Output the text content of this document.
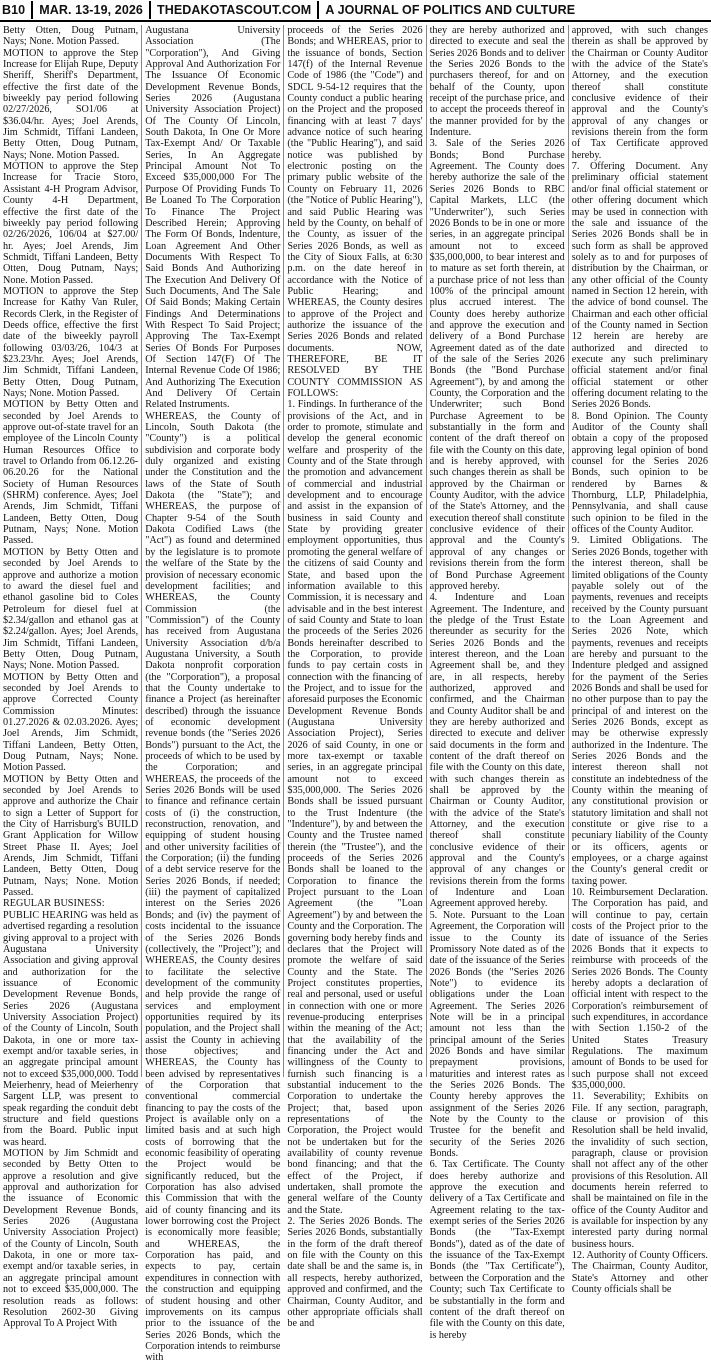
B10	MAR. 13-19, 2026	THEDAKOTASCOUT.COM	A JOURNAL OF POLITICS AND CULTURE

Betty Otten, Doug Putnam, Nays; None. Motion Passed.

MOTION to approve the Step Increase for Elijah Rupe, Deputy Sheriff, Sheriff's Department, effective the first date of the biweekly pay period following 02/27/2026, SO1/06 at $36.04/hr. Ayes; Joel Arends, Jim Schmidt, Tiffani Landeen, Betty Otten, Doug Putnam, Nays; None. Motion Passed.

MOTION to approve the Step Increase for Tracie Storo, Assistant 4-H Program Advisor, County 4-H Department, effective the first date of the biweekly pay period following 02/26/2026, 106/04 at $27.00/ hr. Ayes; Joel Arends, Jim Schmidt, Tiffani Landeen, Betty Otten, Doug Putnam, Nays; None. Motion Passed.

MOTION to approve the Step Increase for Kathy Van Ruler, Records Clerk, in the Register of Deeds office, effective the first date of the biweekly payroll following 03/03/26, 104/3 at $23.23/hr. Ayes; Joel Arends, Jim Schmidt, Tiffani Landeen, Betty Otten, Doug Putnam, Nays; None. Motion Passed.

MOTION by Betty Otten and seconded by Joel Arends to approve out-of-state travel for an employee of the Lincoln County Human Resources Office to travel to Orlando from 06.12.26-06.20.26 for the National Society of Human Resources (SHRM) conference. Ayes; Joel Arends, Jim Schmidt, Tiffani Landeen, Betty Otten, Doug Putnam, Nays; None. Motion Passed.

MOTION by Betty Otten and seconded by Joel Arends to approve and authorize a motion to award the diesel fuel and ethanol gasoline bid to Coles Petroleum for diesel fuel at $2.34/gallon and ethanol gas at $2.24/gallon. Ayes; Joel Arends, Jim Schmidt, Tiffani Landeen, Betty Otten, Doug Putnam, Nays; None. Motion Passed.

MOTION by Betty Otten and seconded by Joel Arends to approve Corrected County Commission Minutes: 01.27.2026 & 02.03.2026. Ayes; Joel Arends, Jim Schmidt, Tiffani Landeen, Betty Otten, Doug Putnam, Nays; None. Motion Passed.

MOTION by Betty Otten and seconded by Joel Arends to approve and authorize the Chair to sign a Letter of Support for the City of Harrisburg's BUILD Grant Application for Willow Street Phase II. Ayes; Joel Arends, Jim Schmidt, Tiffani Landeen, Betty Otten, Doug Putnam, Nays; None. Motion Passed.

REGULAR BUSINESS:

PUBLIC HEARING was held as advertised regarding a resolution giving approval to a project with Augustana University Association and giving approval and authorization for the issuance of Economic Development Revenue Bonds, Series 2026 (Augustana University Association Project) of the County of Lincoln, South Dakota, in one or more tax-exempt and/or taxable series, in an aggregate principal amount not to exceed $35,000,000. Todd Meierhenry, head of Meierhenry Sargent LLP, was present to speak regarding the conduit debt structure and field questions from the Board. Public input was heard.

MOTION by Jim Schmidt and seconded by Betty Otten to approve a resolution and give approval and authorization for the issuance of Economic Development Revenue Bonds, Series 2026 (Augustana University Association Project) of the County of Lincoln, South Dakota, in one or more tax-exempt and/or taxable series, in an aggregate principal amount not to exceed $35,000,000. The resolution reads as follows: Resolution 2602-30 Giving Approval To A Project With

Augustana University Association (The "Corporation"), And Giving Approval And Authorization For The Issuance Of Economic Development Revenue Bonds, Series 2026 (Augustana University Association Project) Of The County Of Lincoln, South Dakota, In One Or More Tax-Exempt And/ Or Taxable Series, In An Aggregate Principal Amount Not To Exceed $35,000,000 For The Purpose Of Providing Funds To Be Loaned To The Corporation To Finance The Project Described Herein; Approving The Form Of Bonds, Indenture, Loan Agreement And Other Documents With Respect To Said Bonds And Authorizing The Execution And Delivery Of Such Documents, And The Sale Of Said Bonds; Making Certain Findings And Determinations With Respect To Said Project; Approving The Tax-Exempt Series Of Bonds For Purposes Of Section 147(F) Of The Internal Revenue Code Of 1986; And Authorizing The Execution And Delivery Of Certain Related Instruments.

WHEREAS, the County of Lincoln, South Dakota (the "County") is a political subdivision and corporate body duly organized and existing under the Constitution and the laws of the State of South Dakota (the "State"); and WHEREAS, the purpose of Chapter 9-54 of the South Dakota Codified Laws (the "Act") as found and determined by the legislature is to promote the welfare of the State by the provision of necessary economic development facilities; and WHEREAS, the County Commission (the "Commission") of the County has received from Augustana University Association d/b/a Augustana University, a South Dakota nonprofit corporation (the "Corporation"), a proposal that the County undertake to finance a Project (as hereinafter described) through the issuance of economic development revenue bonds (the "Series 2026 Bonds") pursuant to the Act, the proceeds of which to be used by the Corporation; and WHEREAS, the proceeds of the Series 2026 Bonds will be used to finance and refinance certain costs of (i) the construction, reconstruction, renovation, and equipping of student housing and other university facilities of the Corporation; (ii) the funding of a debt service reserve for the Series 2026 Bonds, if needed; (iii) the payment of capitalized interest on the Series 2026 Bonds; and (iv) the payment of costs incidental to the issuance of the Series 2026 Bonds (collectively, the "Project"); and WHEREAS, the County desires to facilitate the selective development of the community and help provide the range of services and employment opportunities required by its population, and the Project shall assist the County in achieving those objectives; and WHEREAS, the County has been advised by representatives of the Corporation that conventional commercial financing to pay the costs of the Project is available only on a limited basis and at such high costs of borrowing that the economic feasibility of operating the Project would be significantly reduced, but the Corporation has also advised this Commission that with the aid of county financing and its lower borrowing cost the Project is economically more feasible; and WHEREAS, the Corporation has paid, and expects to pay, certain expenditures in connection with the construction and equipping of student housing and other improvements on its campus prior to the issuance of the Series 2026 Bonds, which the Corporation intends to reimburse with

proceeds of the Series 2026 Bonds; and WHEREAS, prior to the issuance of bonds, Section 147(f) of the Internal Revenue Code of 1986 (the "Code") and SDCL 9-54-12 requires that the County conduct a public hearing on the Project and the proposed financing with at least 7 days' advance notice of such hearing (the "Public Hearing"), and said notice was published by electronic posting on the primary public website of the County on February 11, 2026 (the "Notice of Public Hearing"), and said Public Hearing was held by the County, on behalf of the County, as issuer of the Series 2026 Bonds, as well as the City of Sioux Falls, at 6:30 p.m. on the date hereof in accordance with the Notice of Public Hearing; and WHEREAS, the County desires to approve of the Project and authorize the issuance of the Series 2026 Bonds and related documents. NOW, THEREFORE, BE IT RESOLVED BY THE COUNTY COMMISSION AS FOLLOWS:

1. Findings. In furtherance of the provisions of the Act, and in order to promote, stimulate and develop the general economic welfare and prosperity of the County and of the State through the promotion and advancement of commercial and industrial development and to encourage and assist in the expansion of business in said County and State by providing greater employment opportunities, thus promoting the general welfare of the citizens of said County and State, and based upon the information available to this Commission, it is necessary and advisable and in the best interest of said County and State to loan the proceeds of the Series 2026 Bonds hereinafter described to the Corporation, to provide funds to pay certain costs in connection with the financing of the Project, and to issue for the aforesaid purposes the Economic Development Revenue Bonds (Augustana University Association Project), Series 2026 of said County, in one or more tax-exempt or taxable series, in an aggregate principal amount not to exceed $35,000,000. The Series 2026 Bonds shall be issued pursuant to the Trust Indenture (the "Indenture"), by and between the County and the Trustee named therein (the "Trustee"), and the proceeds of the Series 2026 Bonds shall be loaned to the Corporation to finance the Project pursuant to the Loan Agreement (the "Loan Agreement") by and between the County and the Corporation. The governing body hereby finds and declares that the Project will promote the welfare of said County and the State. The Project constitutes properties, real and personal, used or useful in connection with one or more revenue-producing enterprises within the meaning of the Act; that the availability of the financing under the Act and willingness of the County to furnish such financing is a substantial inducement to the Corporation to undertake the Project; that, based upon representations of the Corporation, the Project would not be undertaken but for the availability of county revenue bond financing; and that the effect of the Project, if undertaken, shall promote the general welfare of the County and the State.

2. The Series 2026 Bonds. The Series 2026 Bonds, substantially in the form of the draft thereof on file with the County on this date shall be and the same is, in all respects, hereby authorized, approved and confirmed, and the Chairman, County Auditor, and other appropriate officials shall be and

they are hereby authorized and directed to execute and seal the Series 2026 Bonds and to deliver the Series 2026 Bonds to the purchasers thereof, for and on behalf of the County, upon receipt of the purchase price, and to accept the proceeds thereof in the manner provided for by the Indenture.

3. Sale of the Series 2026 Bonds; Bond Purchase Agreement. The County does hereby authorize the sale of the Series 2026 Bonds to RBC Capital Markets, LLC (the "Underwriter"), such Series 2026 Bonds to be in one or more series, in an aggregate principal amount not to exceed $35,000,000, to bear interest and to mature as set forth therein, at a purchase price of not less than 100% of the principal amount plus accrued interest. The County does hereby authorize and approve the execution and delivery of a Bond Purchase Agreement dated as of the date of the sale of the Series 2026 Bonds (the "Bond Purchase Agreement"), by and among the County, the Corporation and the Underwriter; such Bond Purchase Agreement to be substantially in the form and content of the draft thereof on file with the County on this date, and is hereby approved, with such changes therein as shall be approved by the Chairman or County Auditor, with the advice of the State's Attorney, and the execution thereof shall constitute conclusive evidence of their approval and the County's approval of any changes or revisions therein from the form of Bond Purchase Agreement approved hereby.

4. Indenture and Loan Agreement. The Indenture, and the pledge of the Trust Estate thereunder as security for the Series 2026 Bonds and the interest thereon, and the Loan Agreement shall be, and they are, in all respects, hereby authorized, approved and confirmed, and the Chairman and County Auditor shall be and they are hereby authorized and directed to execute and deliver said documents in the form and content of the draft thereof on file with the County on this date, with such changes therein as shall be approved by the Chairman or County Auditor, with the advice of the State's Attorney, and the execution thereof shall constitute conclusive evidence of their approval and the County's approval of any changes or revisions therein from the forms of Indenture and Loan Agreement approved hereby.

5. Note. Pursuant to the Loan Agreement, the Corporation will issue to the County its Promissory Note dated as of the date of the issuance of the Series 2026 Bonds (the "Series 2026 Note") to evidence its obligations under the Loan Agreement. The Series 2026 Note will be in a principal amount not less than the principal amount of the Series 2026 Bonds and have similar prepayment provisions, maturities and interest rates as the Series 2026 Bonds. The County hereby approves the assignment of the Series 2026 Note by the County to the Trustee for the benefit and security of the Series 2026 Bonds.

6. Tax Certificate. The County does hereby authorize and approve the execution and delivery of a Tax Certificate and Agreement relating to the tax-exempt series of the Series 2026 Bonds (the "Tax-Exempt Bonds"), dated as of the date of the issuance of the Tax-Exempt Bonds (the "Tax Certificate"), between the Corporation and the County; such Tax Certificate to be substantially in the form and content of the draft thereof on file with the County on this date, is hereby

approved, with such changes therein as shall be approved by the Chairman or County Auditor with the advice of the State's Attorney, and the execution thereof shall constitute conclusive evidence of their approval and the County's approval of any changes or revisions therein from the form of Tax Certificate approved hereby.

7. Offering Document. Any preliminary official statement and/or final official statement or other offering document which may be used in connection with the sale and issuance of the Series 2026 Bonds shall be in such form as shall be approved solely as to and for purposes of distribution by the Chairman, or any other official of the County named in Section 12 herein, with the advice of bond counsel. The Chairman and each other official of the County named in Section 12 herein are hereby are authorized and directed to execute any such preliminary official statement and/or final official statement or other offering document relating to the Series 2026 Bonds.

8. Bond Opinion. The County Auditor of the County shall obtain a copy of the proposed approving legal opinion of bond counsel for the Series 2026 Bonds, such opinion to be rendered by Barnes & Thornburg, LLP, Philadelphia, Pennsylvania, and shall cause such opinion to be filed in the offices of the County Auditor.

9. Limited Obligations. The Series 2026 Bonds, together with the interest thereon, shall be limited obligations of the County payable solely out of the payments, revenues and receipts received by the County pursuant to the Loan Agreement and Series 2026 Note, which payments, revenues and receipts are hereby and pursuant to the Indenture pledged and assigned for the payment of the Series 2026 Bonds and shall be used for no other purpose than to pay the principal of and interest on the Series 2026 Bonds, except as may be otherwise expressly authorized in the Indenture. The Series 2026 Bonds and the interest thereon shall not constitute an indebtedness of the County within the meaning of any constitutional provision or statutory limitation and shall not constitute or give rise to a pecuniary liability of the County or its officers, agents or employees, or a charge against the County's general credit or taxing power.

10. Reimbursement Declaration. The Corporation has paid, and will continue to pay, certain costs of the Project prior to the date of issuance of the Series 2026 Bonds that it expects to reimburse with proceeds of the Series 2026 Bonds. The County hereby adopts a declaration of official intent with respect to the Corporation's reimbursement of such expenditures, in accordance with Section 1.150-2 of the United States Treasury Regulations. The maximum amount of Bonds to be used for such purpose shall not exceed $35,000,000.

11. Severability; Exhibits on File. If any section, paragraph, clause or provision of this Resolution shall be held invalid, the invalidity of such section, paragraph, clause or provision shall not affect any of the other provisions of this Resolution. All documents herein referred to shall be maintained on file in the office of the County Auditor and is available for inspection by any interested party during normal business hours.

12. Authority of County Officers. The Chairman, County Auditor, State's Attorney and other County officials shall be
